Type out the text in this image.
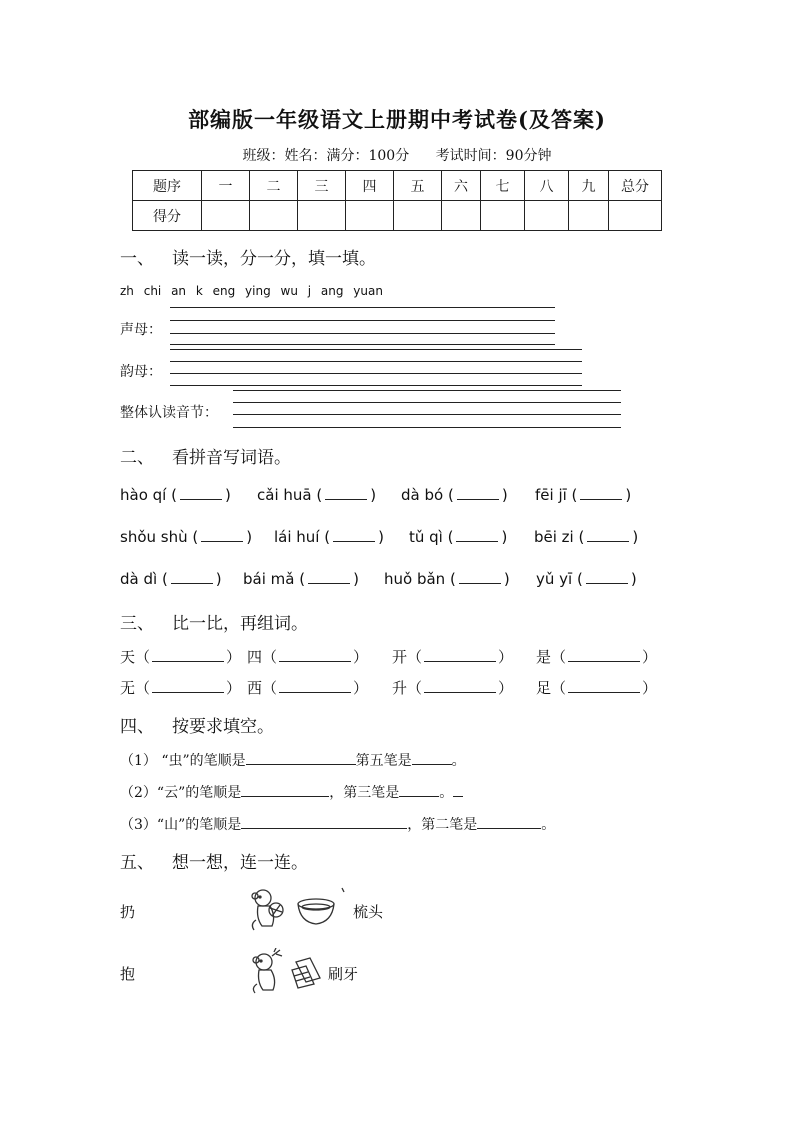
部编版一年级语文上册期中考试卷(及答案)
班级：姓名：满分：100分 考试时间：90分钟
题序	一	二	三	四	五	六	七	八	九	总分
得分										
一、 读一读，分一分，填一填。
zh chi an k eng ying wu j ang yuan
声母：
韵母：
整体认读音节：
二、 看拼音写词语。
hào qí (	) cǎi huā (	) dà bó (	) fēi jī (	)
shǒu shù (	) lái huí (	) tǔ qì (	) bēi zi (	)
dà dì (	) bái mǎ (	) huǒ bǎn (	) yǔ yī (	)
三、 比一比，再组词。
天（	） 四（	） 开（	） 是（	）
无（	） 西（	） 升（	） 足（	）
四、 按要求填空。
（1） “虫”的笔顺是	第五笔是	。
（2）“云”的笔顺是	，第三笔是	。
（3）“山”的笔顺是	，第二笔是	。
五、 想一想，连一连。
扔
抱
梳头
刷牙
